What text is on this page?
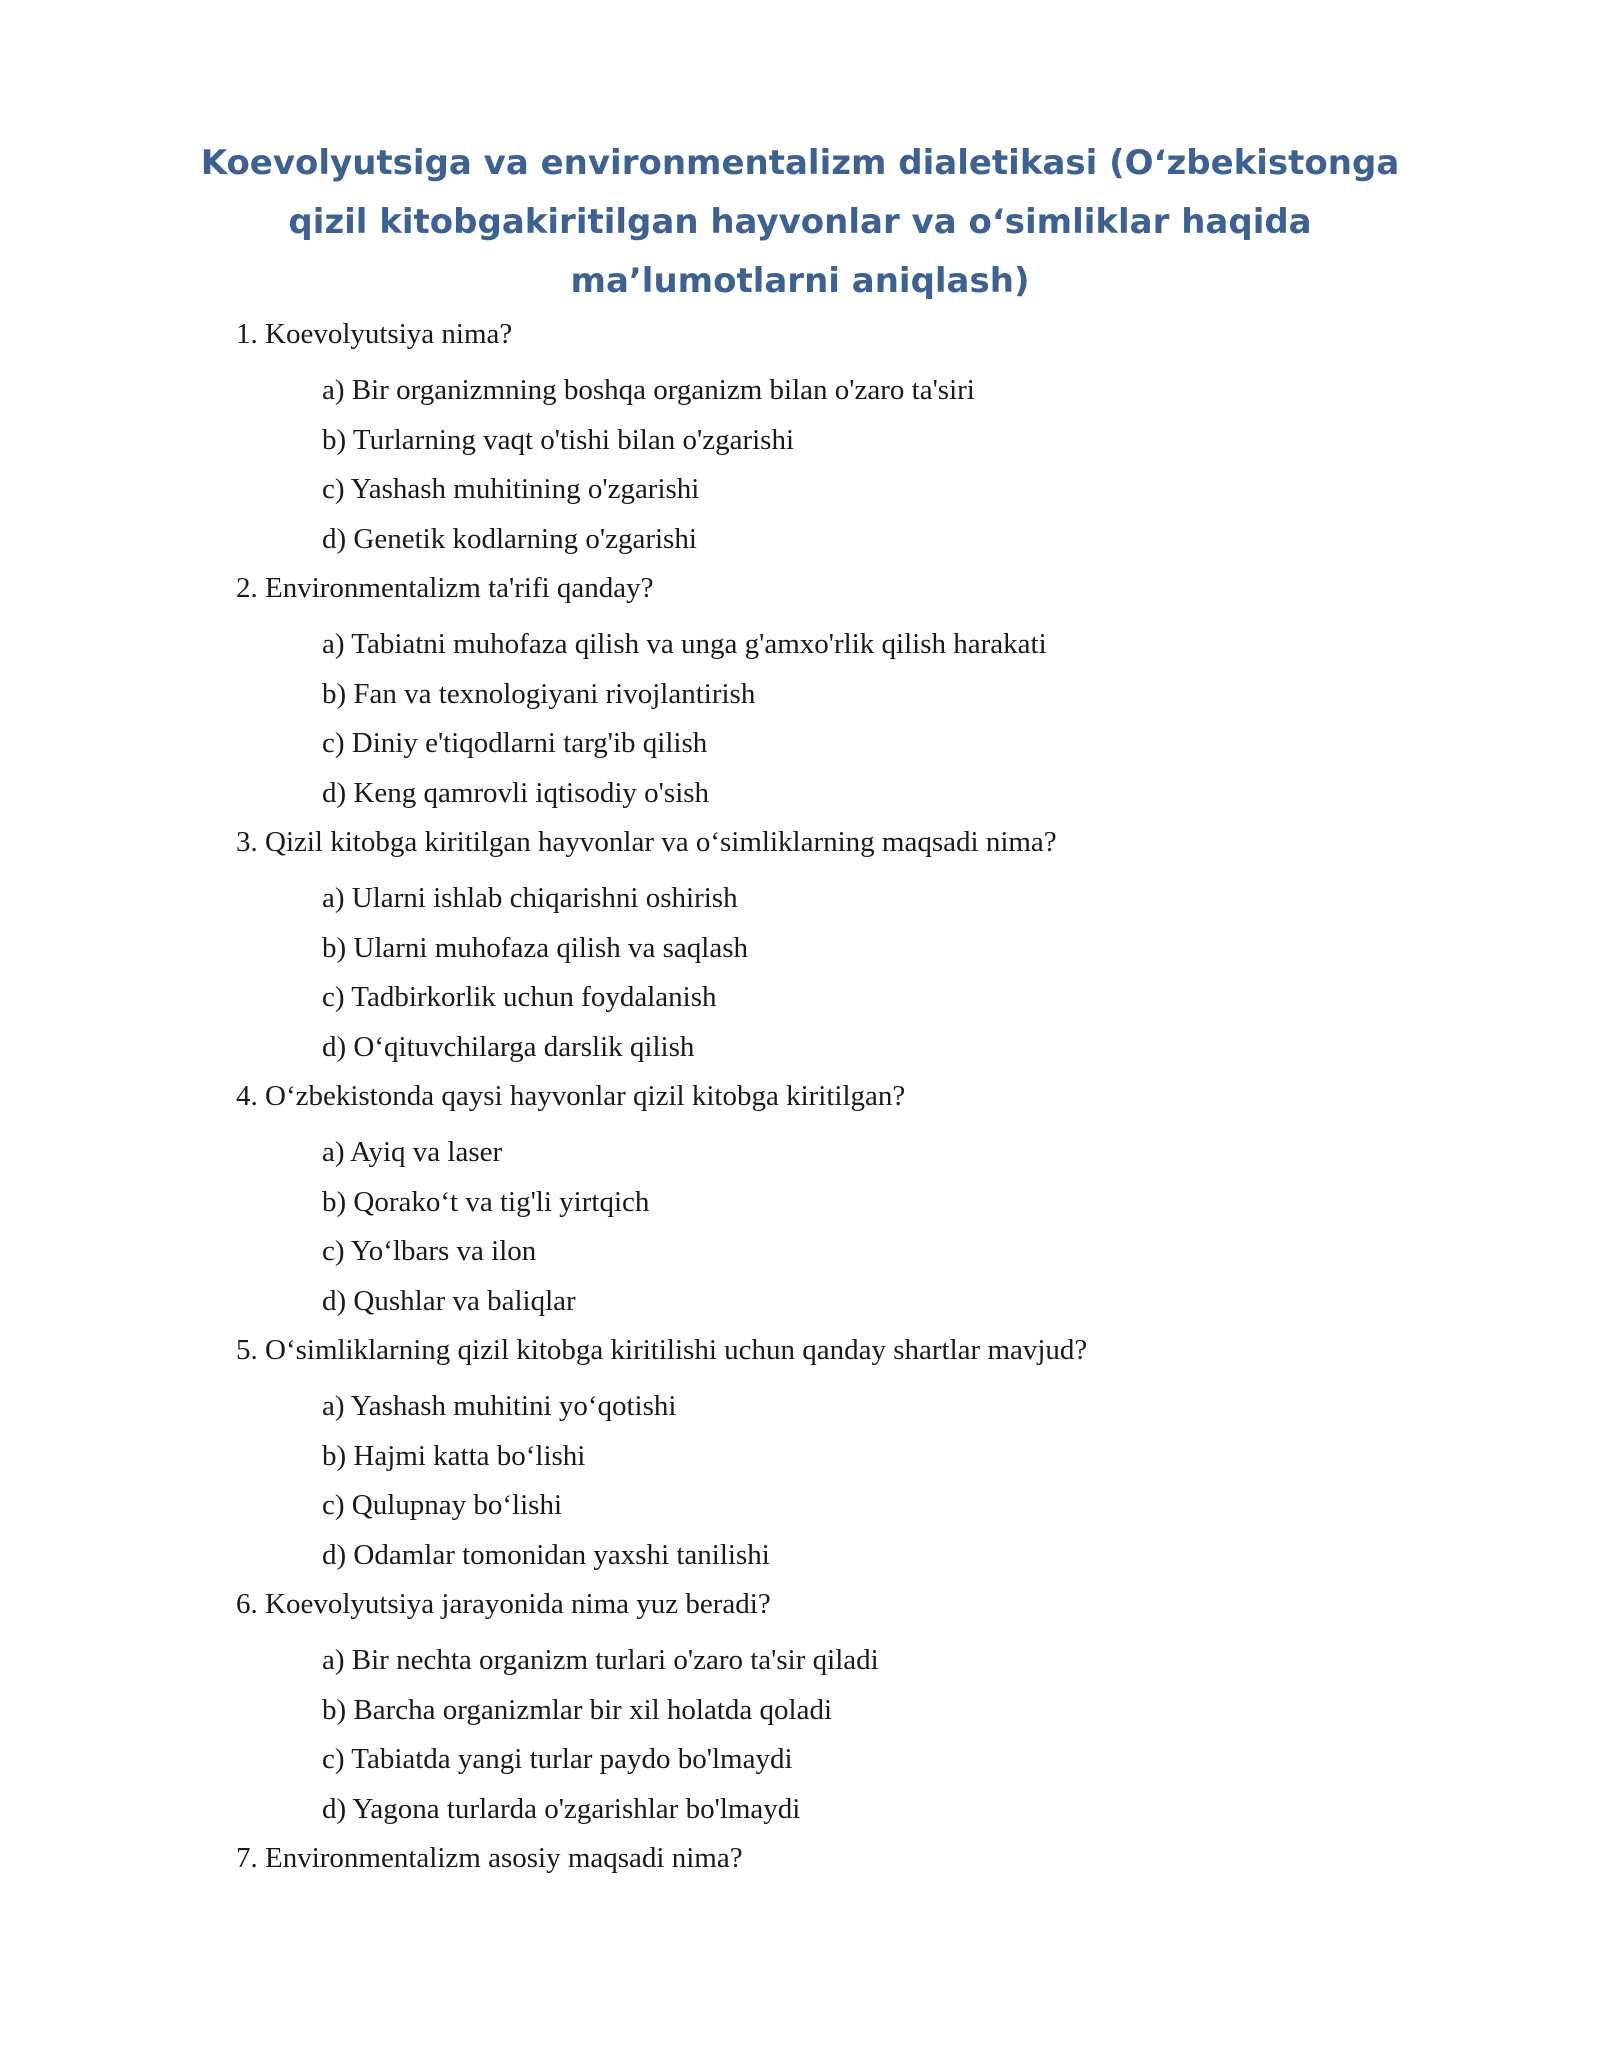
Koevolyutsiga va environmentalizm dialetikasi (O‘zbekistonga
qizil kitobgakiritilgan hayvonlar va o‘simliklar haqida
ma’lumotlarni aniqlash)
1. Koevolyutsiya nima?
a) Bir organizmning boshqa organizm bilan o'zaro ta'siri
b) Turlarning vaqt o'tishi bilan o'zgarishi
c) Yashash muhitining o'zgarishi
d) Genetik kodlarning o'zgarishi
2. Environmentalizm ta'rifi qanday?
a) Tabiatni muhofaza qilish va unga g'amxo'rlik qilish harakati
b) Fan va texnologiyani rivojlantirish
c) Diniy e'tiqodlarni targ'ib qilish
d) Keng qamrovli iqtisodiy o'sish
3. Qizil kitobga kiritilgan hayvonlar va o‘simliklarning maqsadi nima?
a) Ularni ishlab chiqarishni oshirish
b) Ularni muhofaza qilish va saqlash
c) Tadbirkorlik uchun foydalanish
d) O‘qituvchilarga darslik qilish
4. O‘zbekistonda qaysi hayvonlar qizil kitobga kiritilgan?
a) Ayiq va laser
b) Qorako‘t va tig'li yirtqich
c) Yo‘lbars va ilon
d) Qushlar va baliqlar
5. O‘simliklarning qizil kitobga kiritilishi uchun qanday shartlar mavjud?
a) Yashash muhitini yo‘qotishi
b) Hajmi katta bo‘lishi
c) Qulupnay bo‘lishi
d) Odamlar tomonidan yaxshi tanilishi
6. Koevolyutsiya jarayonida nima yuz beradi?
a) Bir nechta organizm turlari o'zaro ta'sir qiladi
b) Barcha organizmlar bir xil holatda qoladi
c) Tabiatda yangi turlar paydo bo'lmaydi
d) Yagona turlarda o'zgarishlar bo'lmaydi
7. Environmentalizm asosiy maqsadi nima?
